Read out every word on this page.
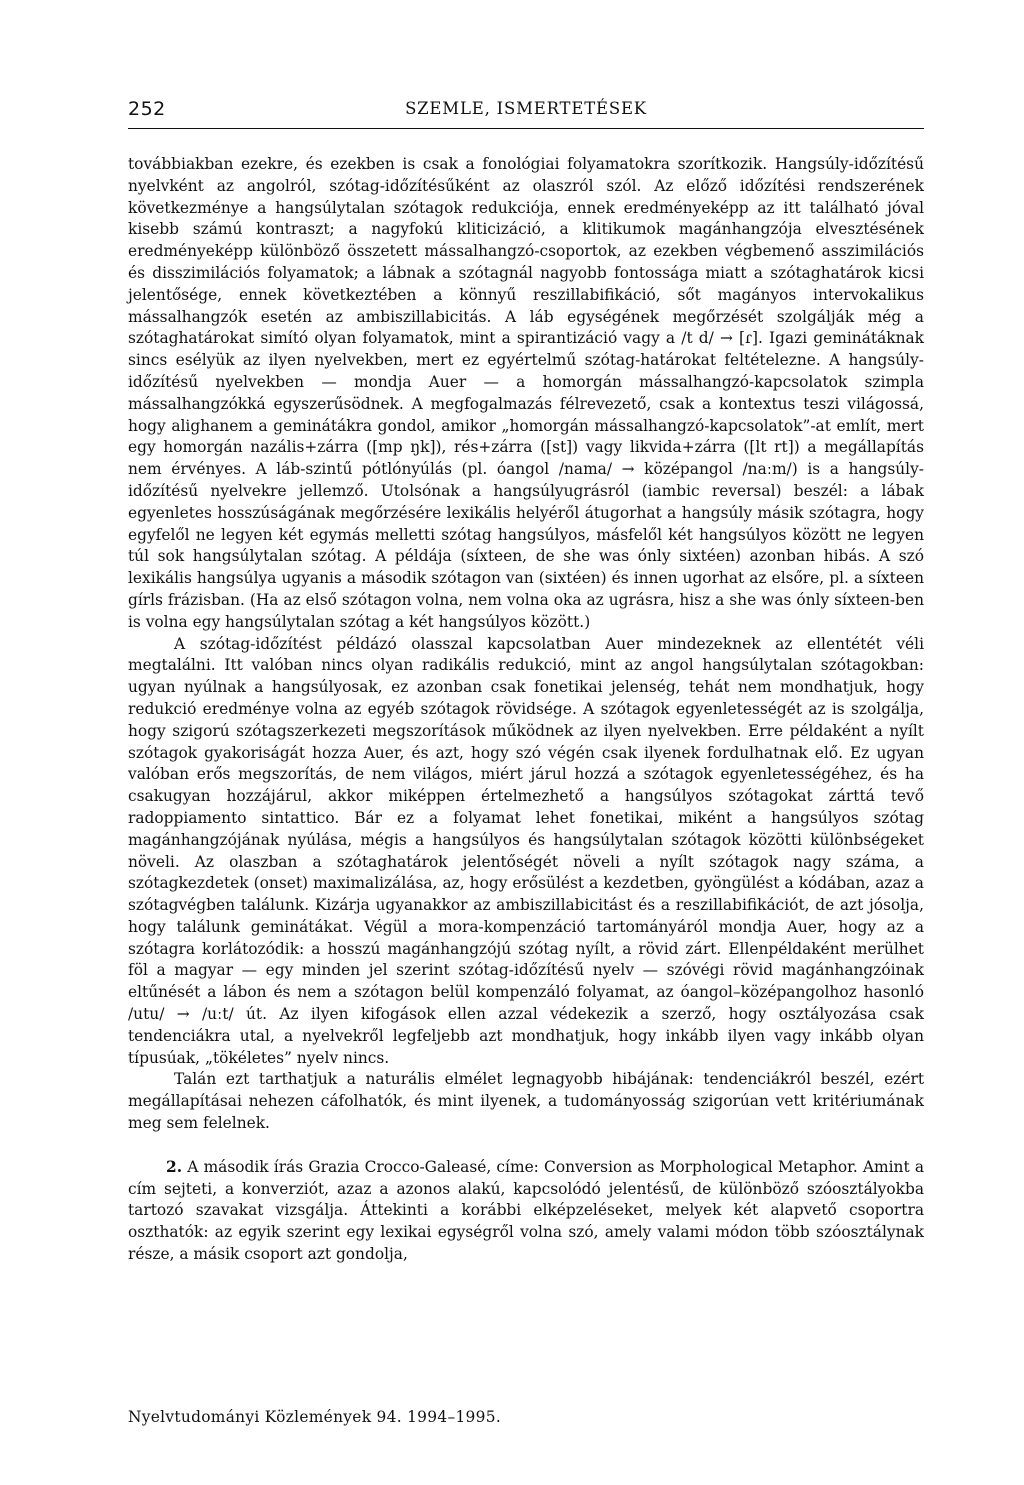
252	SZEMLE, ISMERTETÉSEK

továbbiakban ezekre, és ezekben is csak a fonológiai folyamatokra szorítkozik. Hangsúly-időzítésű nyelvként az angolról, szótag-időzítésűként az olaszról szól. Az előző időzítési rendszerének következménye a hangsúlytalan szótagok redukciója, ennek eredményeképp az itt található jóval kisebb számú kontraszt; a nagyfokú kliticizáció, a klitikumok magánhangzója elvesztésének eredményeképp különböző összetett mássalhangzó-csoportok, az ezekben végbemenő asszimilációs és disszimilációs folyamatok; a lábnak a szótagnál nagyobb fontossága miatt a szótaghatárok kicsi jelentősége, ennek következtében a könnyű reszillabifikáció, sőt magányos intervokalikus mássalhangzók esetén az ambiszillabicitás. A láb egységének megőrzését szolgálják még a szótaghatárokat simító olyan folyamatok, mint a spirantizáció vagy a /t d/ → [ɾ]. Igazi geminátáknak sincs esélyük az ilyen nyelvekben, mert ez egyértelmű szótag-határokat feltételezne. A hangsúly-időzítésű nyelvekben — mondja Auer — a homorgán mássalhangzó-kapcsolatok szimpla mássalhangzókká egyszerűsödnek. A megfogalmazás félrevezető, csak a kontextus teszi világossá, hogy alighanem a geminátákra gondol, amikor „homorgán mássalhangzó-kapcsolatok”-at említ, mert egy homorgán nazális+zárra ([mp ŋk]), rés+zárra ([st]) vagy likvida+zárra ([lt rt]) a megállapítás nem érvényes. A láb-szintű pótlónyúlás (pl. óangol /nama/ → középangol /naːm/) is a hangsúly-időzítésű nyelvekre jellemző. Utolsónak a hangsúlyugrásról (iambic reversal) beszél: a lábak egyenletes hosszúságának megőrzésére lexikális helyéről átugorhat a hangsúly másik szótagra, hogy egyfelől ne legyen két egymás melletti szótag hangsúlyos, másfelől két hangsúlyos között ne legyen túl sok hangsúlytalan szótag. A példája (síxteen, de she was ónly sixtéen) azonban hibás. A szó lexikális hangsúlya ugyanis a második szótagon van (sixtéen) és innen ugorhat az elsőre, pl. a síxteen gírls frázisban. (Ha az első szótagon volna, nem volna oka az ugrásra, hisz a she was ónly síxteen-ben is volna egy hangsúlytalan szótag a két hangsúlyos között.)

A szótag-időzítést példázó olasszal kapcsolatban Auer mindezeknek az ellentétét véli megtalálni. Itt valóban nincs olyan radikális redukció, mint az angol hangsúlytalan szótagokban: ugyan nyúlnak a hangsúlyosak, ez azonban csak fonetikai jelenség, tehát nem mondhatjuk, hogy redukció eredménye volna az egyéb szótagok rövidsége. A szótagok egyenletességét az is szolgálja, hogy szigorú szótagszerkezeti megszorítások működnek az ilyen nyelvekben. Erre példaként a nyílt szótagok gyakoriságát hozza Auer, és azt, hogy szó végén csak ilyenek fordulhatnak elő. Ez ugyan valóban erős megszorítás, de nem világos, miért járul hozzá a szótagok egyenletességéhez, és ha csakugyan hozzájárul, akkor miképpen értelmezhető a hangsúlyos szótagokat zárttá tevő radoppiamento sintattico. Bár ez a folyamat lehet fonetikai, miként a hangsúlyos szótag magánhangzójának nyúlása, mégis a hangsúlyos és hangsúlytalan szótagok közötti különbségeket növeli. Az olaszban a szótaghatárok jelentőségét növeli a nyílt szótagok nagy száma, a szótagkezdetek (onset) maximalizálása, az, hogy erősülést a kezdetben, gyöngülést a kódában, azaz a szótagvégben találunk. Kizárja ugyanakkor az ambiszillabicitást és a reszillabifikációt, de azt jósolja, hogy találunk geminátákat. Végül a mora-kompenzáció tartományáról mondja Auer, hogy az a szótagra korlátozódik: a hosszú magánhangzójú szótag nyílt, a rövid zárt. Ellenpéldaként merülhet föl a magyar — egy minden jel szerint szótag-időzítésű nyelv — szóvégi rövid magánhangzóinak eltűnését a lábon és nem a szótagon belül kompenzáló folyamat, az óangol–középangolhoz hasonló /utu/ → /uːt/ út. Az ilyen kifogások ellen azzal védekezik a szerző, hogy osztályozása csak tendenciákra utal, a nyelvekről legfeljebb azt mondhatjuk, hogy inkább ilyen vagy inkább olyan típusúak, „tökéletes” nyelv nincs.

Talán ezt tarthatjuk a naturális elmélet legnagyobb hibájának: tendenciákról beszél, ezért megállapításai nehezen cáfolhatók, és mint ilyenek, a tudományosság szigorúan vett kritériumának meg sem felelnek.

2. A második írás Grazia Crocco-Galeasé, címe: Conversion as Morphological Metaphor. Amint a cím sejteti, a konverziót, azaz a azonos alakú, kapcsolódó jelentésű, de különböző szóosztályokba tartozó szavakat vizsgálja. Áttekinti a korábbi elképzeléseket, melyek két alapvető csoportra oszthatók: az egyik szerint egy lexikai egységről volna szó, amely valami módon több szóosztálynak része, a másik csoport azt gondolja,

Nyelvtudományi Közlemények 94. 1994–1995.
